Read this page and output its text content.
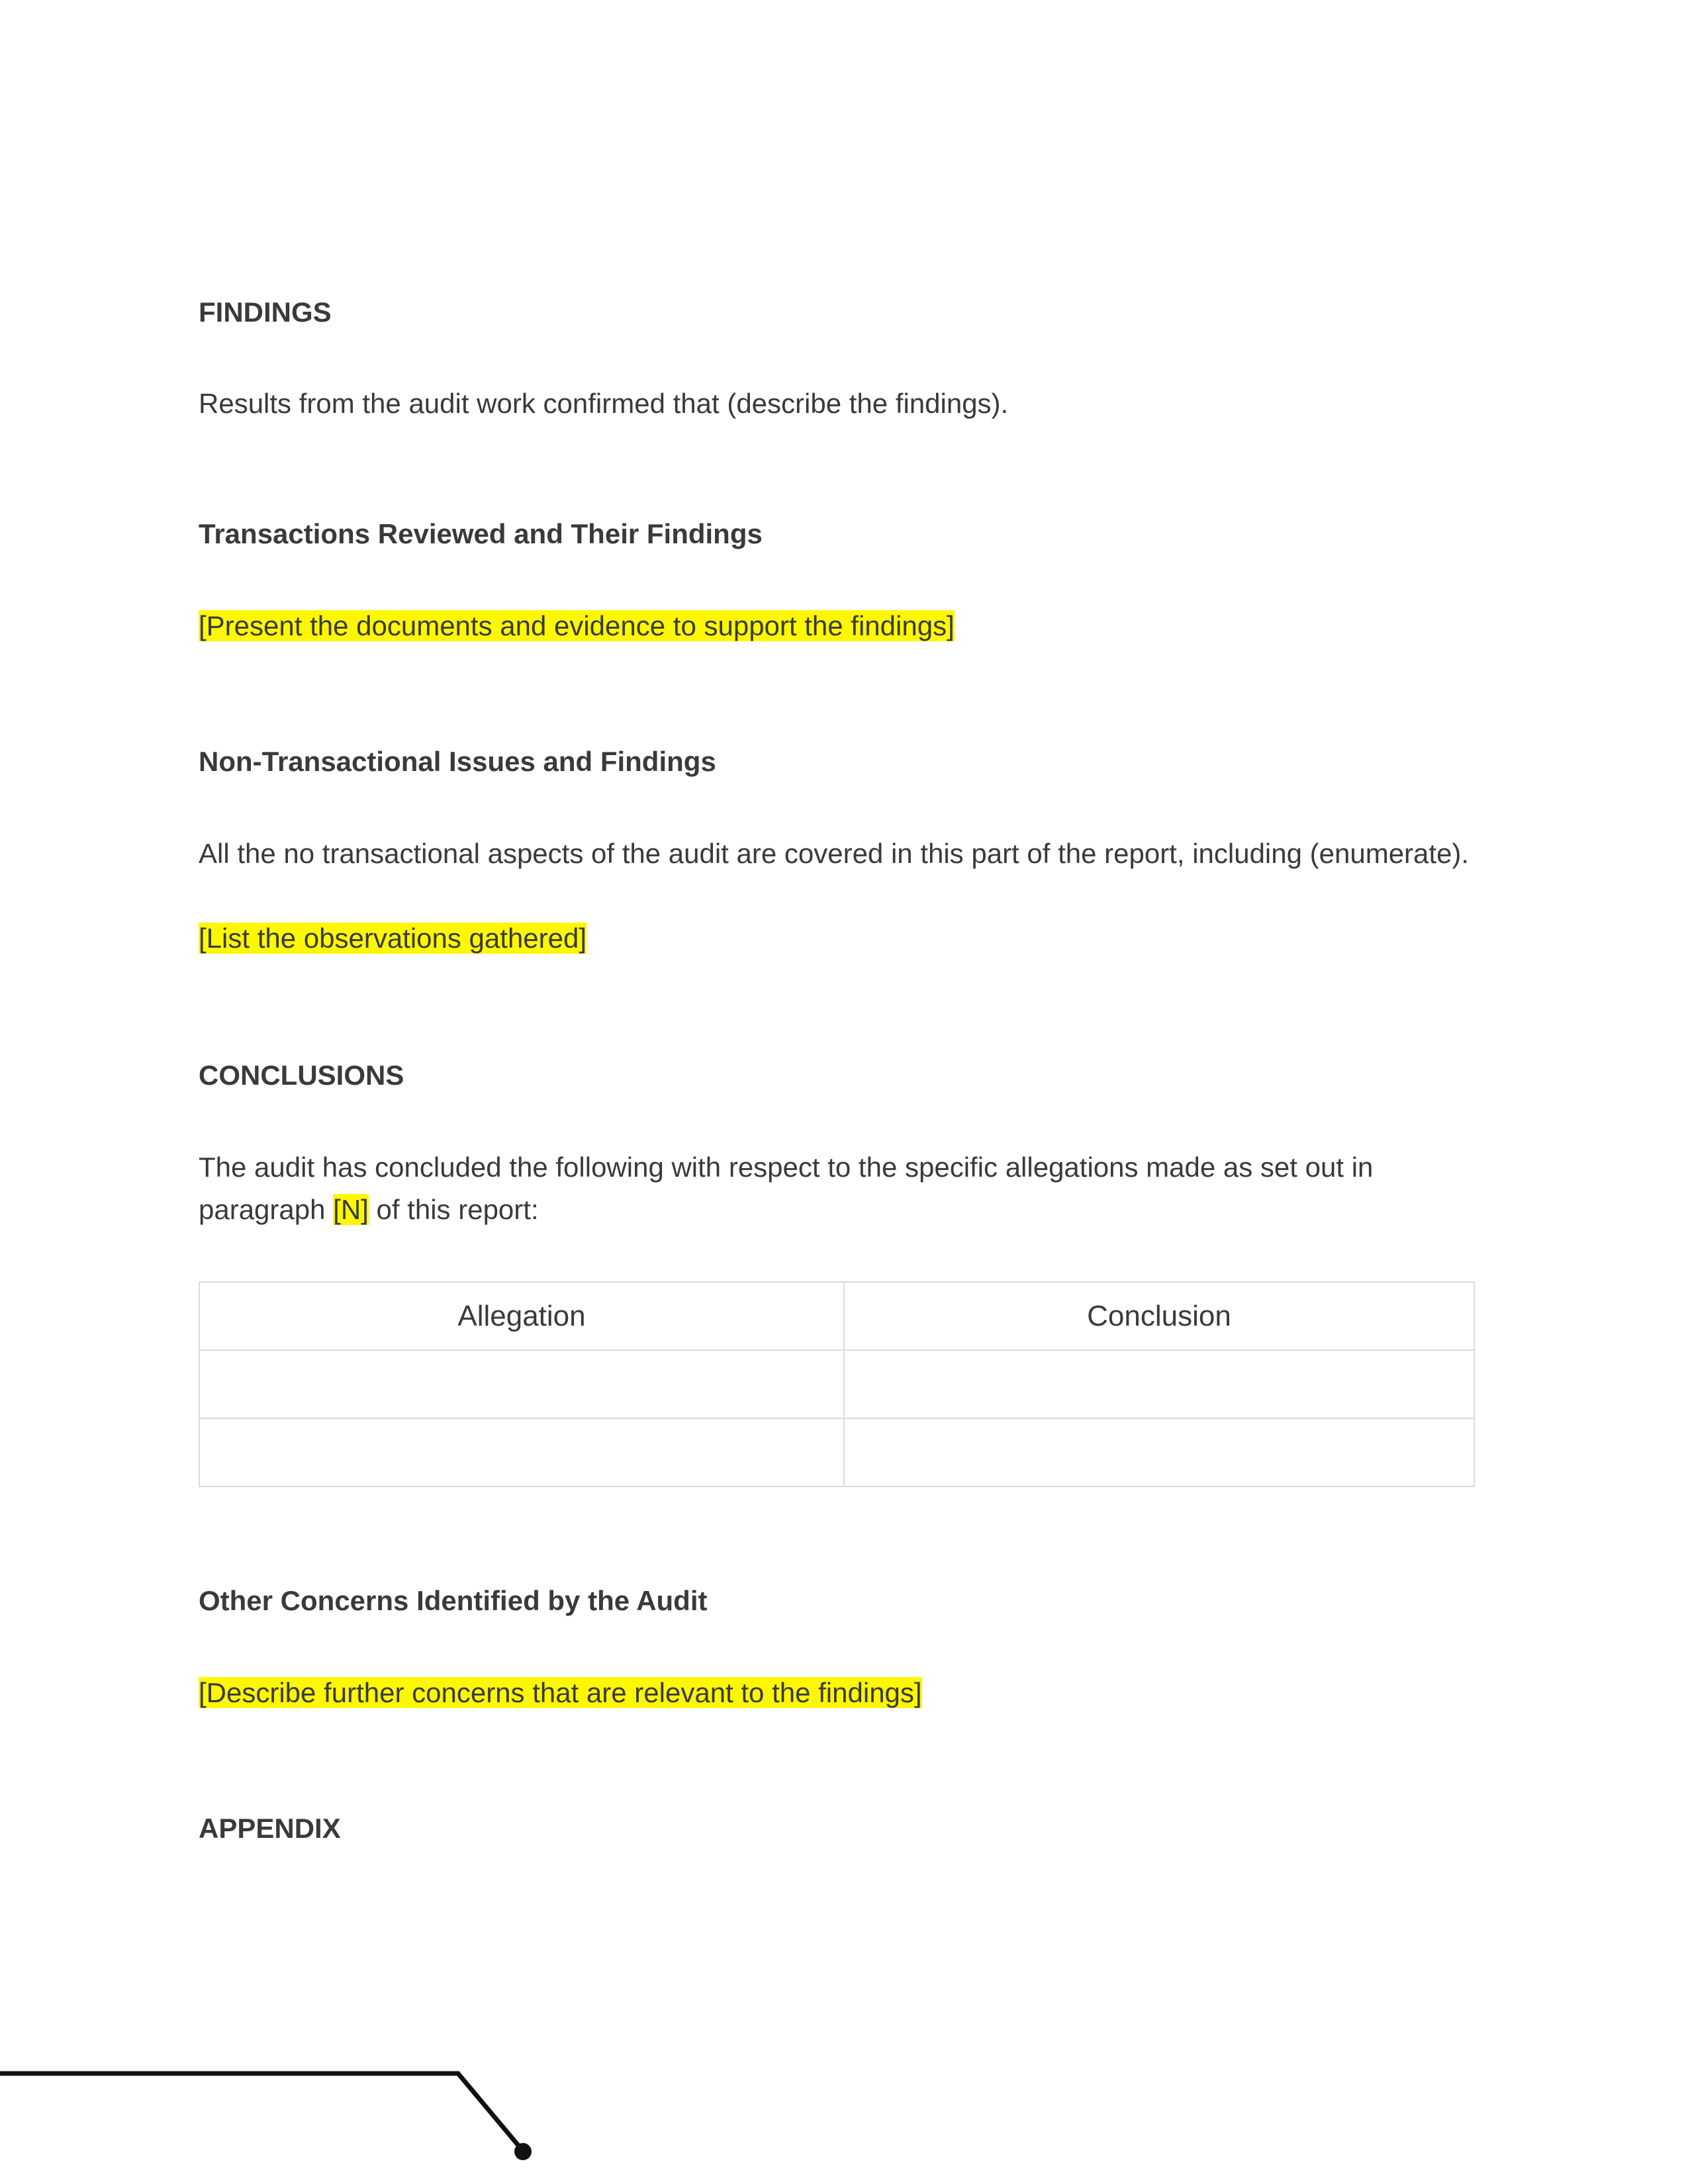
FINDINGS

Results from the audit work confirmed that (describe the findings).

Transactions Reviewed and Their Findings

[Present the documents and evidence to support the findings]

Non-Transactional Issues and Findings

All the no transactional aspects of the audit are covered in this part of the report, including (enumerate).

[List the observations gathered]

CONCLUSIONS

The audit has concluded the following with respect to the specific allegations made as set out in

paragraph [N] of this report:

Allegation	Conclusion

Other Concerns Identified by the Audit

[Describe further concerns that are relevant to the findings]

APPENDIX
